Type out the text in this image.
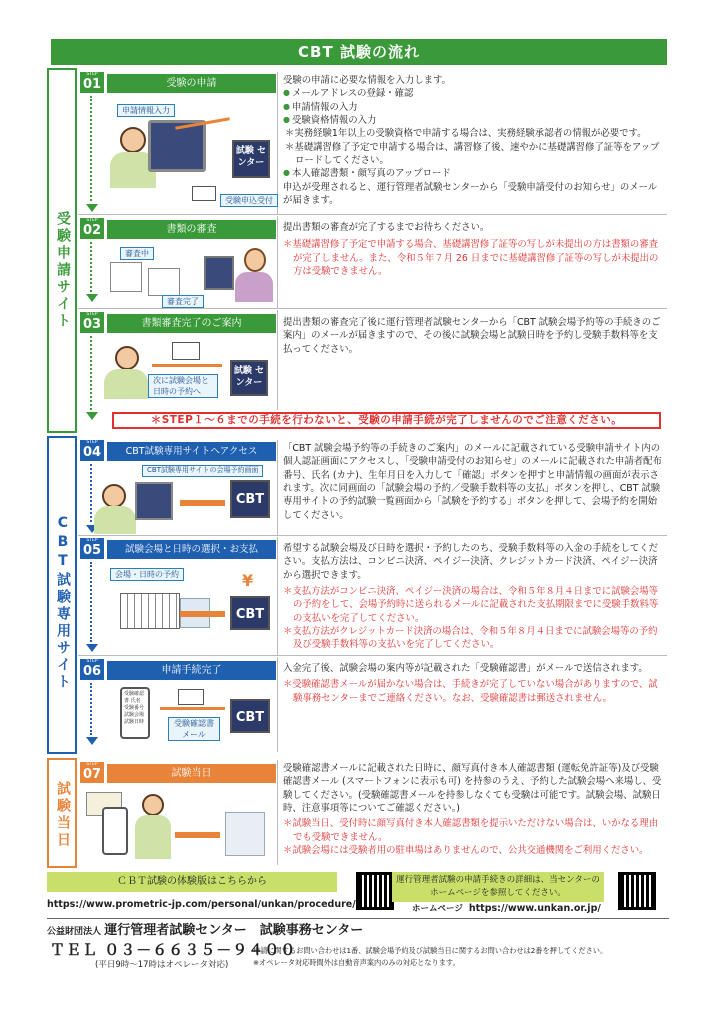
CBT 試験の流れ
受験申請サイト
CBT試験専用サイト
試験当日
STEP
01	受験の申請
申請情報入力
試験 センター
受験申込受付
受験の申請に必要な情報を入力します。
● メールアドレスの登録・確認
● 申請情報の入力
● 受験資格情報の入力
＊実務経験1年以上の受験資格で申請する場合は、実務経験承認者の情報が必要です。
＊基礎講習修了予定で申請する場合は、講習修了後、速やかに基礎講習修了証等をアップロードしてください。
● 本人確認書類・顔写真のアップロード
申込が受理されると、運行管理者試験センターから「受験申請受付のお知らせ」のメールが届きます。
STEP
02	書類の審査
審査中
審査完了
提出書類の審査が完了するまでお待ちください。
＊基礎講習修了予定で申請する場合、基礎講習修了証等の写しが未提出の方は書類の審査が完了しません。また、令和５年７月 26 日までに基礎講習修了証等の写しが未提出の方は受験できません。
STEP
03	書類審査完了のご案内
次に試験会場と 日時の予約へ
試験 センター
提出書類の審査完了後に運行管理者試験センターから「CBT 試験会場予約等の手続きのご案内」のメールが届きますので、その後に試験会場と試験日時を予約し受験手数料等を支払ってください。
＊STEP１～６までの手続を行わないと、受験の申請手続が完了しませんのでご注意ください。
STEP
04	CBT試験専用サイトへアクセス
CBT試験専用サイトの会場予約画面
CBT
「CBT 試験会場予約等の手続きのご案内」のメールに記載されている受験申請サイト内の個人認証画面にアクセスし、「受験申請受付のお知らせ」のメールに記載された申請者配布番号、氏名 (カナ)、生年月日を入力して「確認」ボタンを押すと申請情報の画面が表示されます。次に同画面の「試験会場の予約／受験手数料等の支払」ボタンを押し、CBT 試験専用サイトの予約試験一覧画面から「試験を予約する」ボタンを押して、会場予約を開始してください。
STEP
05	試験会場と日時の選択・お支払
会場・日時の予約	¥
CBT
希望する試験会場及び日時を選択・予約したのち、受験手数料等の入金の手続をしてください。支払方法は、コンビニ決済、ペイジー決済、クレジットカード決済、ペイジー決済から選択できます。
＊支払方法がコンビニ決済、ペイジー決済の場合は、令和５年８月４日までに試験会場等の予約をして、会場予約時に送られるメールに記載された支払期限までに受験手数料等の支払いを完了してください。
＊支払方法がクレジットカード決済の場合は、令和５年８月４日までに試験会場等の予約及び受験手数料等の支払いを完了してください。
STEP
06	申請手続完了
受験確認書 氏名 受験番号 試験会場 試験日時	受験確認書 メール
CBT
入金完了後、試験会場の案内等が記載された「受験確認書」がメールで送信されます。
＊受験確認書メールが届かない場合は、手続きが完了していない場合がありますので、試験事務センターまでご連絡ください。なお、受験確認書は郵送されません。
STEP
07	試験当日	受験確認書メールに記載された日時に、顔写真付き本人確認書類 (運転免許証等)及び受験確認書メール (スマートフォンに表示も可) を持参のうえ、予約した試験会場へ来場し、受験してください。(受験確認書メールを持参しなくても受験は可能です。試験会場、試験日時、注意事項等についてご確認ください。)
＊試験当日、受付時に顔写真付き本人確認書類を提示いただけない場合は、いかなる理由でも受験できません。
＊試験会場には受験者用の駐車場はありませんので、公共交通機関をご利用ください。
ＣＢＴ試験の体験版はこちらから
https://www.prometric-jp.com/personal/unkan/procedure/
運行管理者試験の申請手続きの詳細は、当センターのホームページを参照してください。
ホームページ https://www.unkan.or.jp/
公益財団法人 運行管理者試験センター　試験事務センター
ＴＥＬ ０３－６６３５－９４００
(平日9時～17時はオペレータ対応)
申請に関するお問い合わせは1番、試験会場予約及び試験当日に関するお問い合わせは2番を押してください。
※オペレータ対応時間外は自動音声案内のみの対応となります。
